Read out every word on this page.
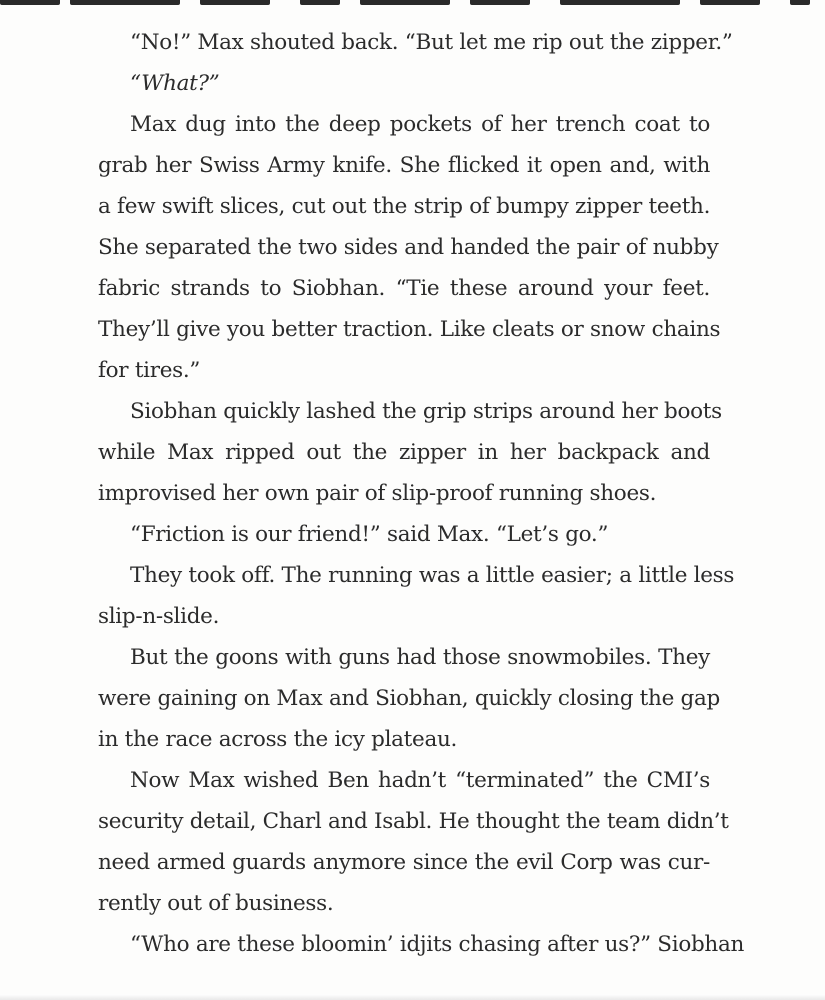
“No!” Max shouted back. “But let me rip out the zipper.”
“What?”
Max dug into the deep pockets of her trench coat to
grab her Swiss Army knife. She flicked it open and, with
a few swift slices, cut out the strip of bumpy zipper teeth.
She separated the two sides and handed the pair of nubby
fabric strands to Siobhan. “Tie these around your feet.
They’ll give you better traction. Like cleats or snow chains
for tires.”
Siobhan quickly lashed the grip strips around her boots
while Max ripped out the zipper in her backpack and
improvised her own pair of slip-proof running shoes.
“Friction is our friend!” said Max. “Let’s go.”
They took off. The running was a little easier; a little less
slip-n-slide.
But the goons with guns had those snowmobiles. They
were gaining on Max and Siobhan, quickly closing the gap
in the race across the icy plateau.
Now Max wished Ben hadn’t “terminated” the CMI’s
security detail, Charl and Isabl. He thought the team didn’t
need armed guards anymore since the evil Corp was cur-
rently out of business.
“Who are these bloomin’ idjits chasing after us?” Siobhan
